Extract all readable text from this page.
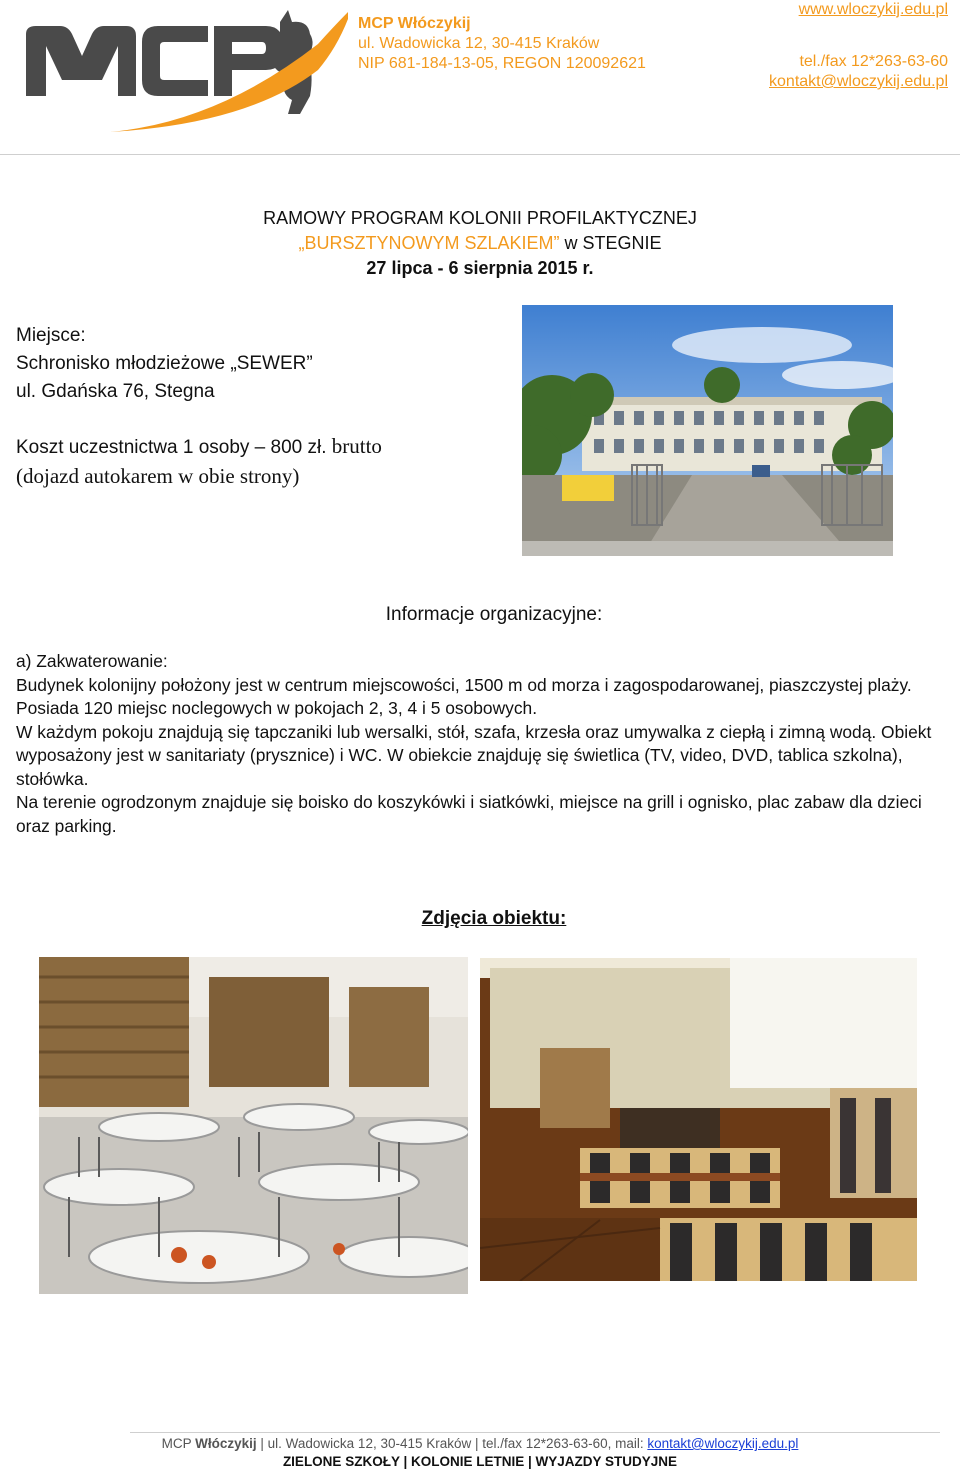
MCP Włóczykij
ul. Wadowicka 12, 30-415 Kraków
NIP 681-184-13-05, REGON 120092621
www.wloczykij.edu.pl
tel./fax 12*263-63-60
kontakt@wloczykij.edu.pl
RAMOWY PROGRAM KOLONII PROFILAKTYCZNEJ
„BURSZTYNOWYM SZLAKIEM” w STEGNIE
27 lipca - 6 sierpnia 2015 r.
Miejsce:
Schronisko młodzieżowe „SEWER”
ul. Gdańska 76, Stegna
Koszt uczestnictwa 1 osoby – 800 zł. brutto
(dojazd autokarem w obie strony)
Informacje organizacyjne:

a) Zakwaterowanie:

Budynek kolonijny położony jest w centrum miejscowości, 1500 m od morza i zagospodarowanej, piaszczystej plaży. Posiada 120 miejsc noclegowych w pokojach 2, 3, 4 i 5 osobowych.

W każdym pokoju znajdują się tapczaniki lub wersalki, stół, szafa, krzesła oraz umywalka z ciepłą i zimną wodą. Obiekt wyposażony jest w sanitariaty (prysznice) i WC. W obiekcie znajduję się świetlica (TV, video, DVD, tablica szkolna), stołówka.

Na terenie ogrodzonym znajduje się boisko do koszykówki i siatkówki, miejsce na grill i ognisko, plac zabaw dla dzieci oraz parking.

Zdjęcia obiektu:
MCP Włóczykij | ul. Wadowicka 12, 30-415 Kraków | tel./fax 12*263-63-60, mail: kontakt@wloczykij.edu.pl
ZIELONE SZKOŁY | KOLONIE LETNIE | WYJAZDY STUDYJNE
